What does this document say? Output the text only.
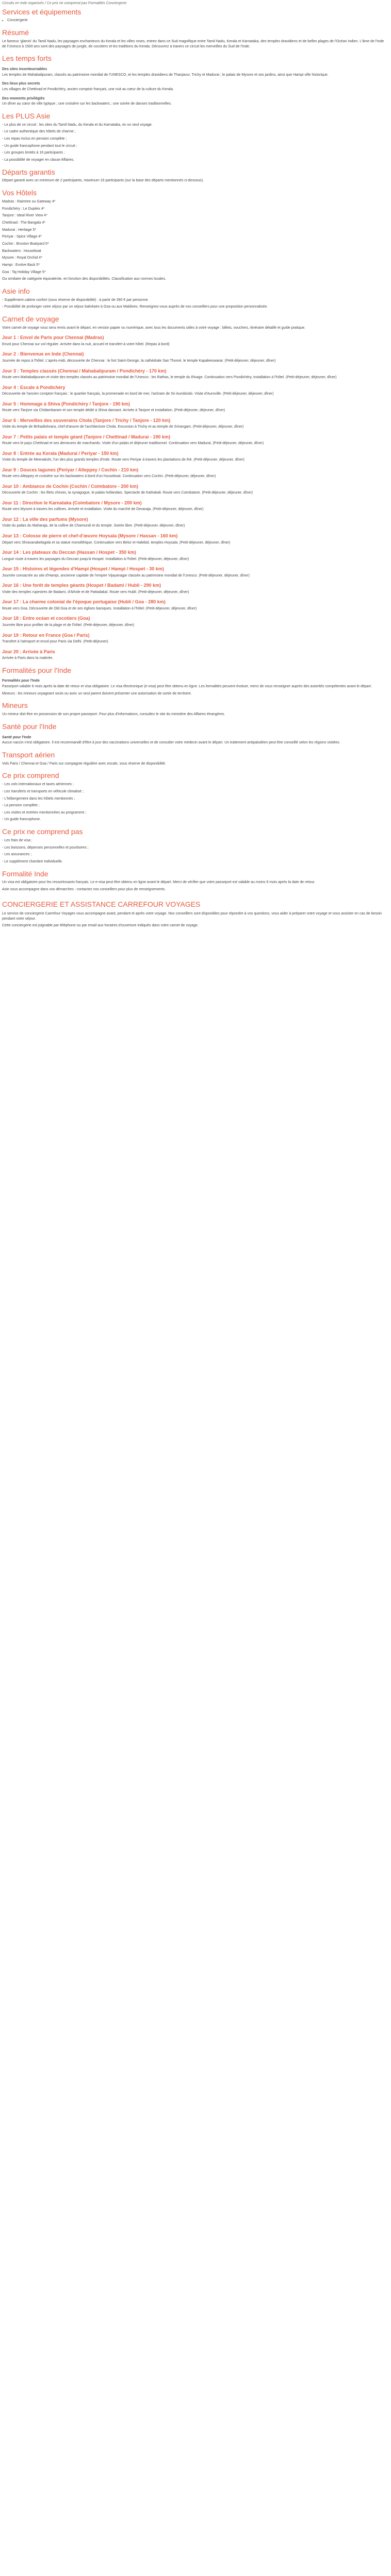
Circuits en Inde organisés / Ce prix ne comprend pas Formalités Conciergerie

Services et équipements
• Conciergerie
Résumé

Le fameux 'glamis' du Tamil Nadu, les paysages enchanteurs du Kerala et les villes roses, entrez dans ce Sud magnifique entre Tamil Nadu, Kerala et Karnataka, des temples dravidiens et de belles plages de l'Océan Indien. L'âme de l'Inde de l'Unesco à 1500 ans sont des paysages de jungle, de cocotiers et les traditions du Kerala. Découvrez à travers ce circuit les merveilles du Sud de l'Inde.

Les temps forts
Des sites incontournables

Les temples de Mahabalipuram, classés au patrimoine mondial de l'UNESCO, et les temples dravidiens de Thanjavur, Trichy et Madurai ; le palais de Mysore et ses jardins, ainsi que Hampi ville historique.

Des lieux plus secrets

Les villages de Chettinad et Pondichéry, ancien comptoir français, une nuit au cœur de la culture du Kerala.

Des moments privilégiés

Un dîner au cœur de ville typique ; une croisière sur les backwaters ; une soirée de danses traditionnelles.

Les PLUS Asie

- Le plus de ce circuit : les sites du Tamil Nadu, du Kerala et du Karnataka, en un seul voyage.

- Le cadre authentique des hôtels de charme ;

- Les repas inclus en pension complète ;

- Un guide francophone pendant tout le circuit ;

- Les groupes limités à 16 participants ;

- La possibilité de voyager en classe Affaires.

Départs garantis

Départ garanti avec un minimum de 2 participants, maximum 16 participants (sur la base des départs mentionnés ci-dessous).

Vos Hôtels

Madras : Raintree ou Gateway 4*

Pondichéry : Le Dupleix 4*

Tanjore : Ideal River View 4*

Chettinad : The Bangala 4*

Madurai : Heritage 5*

Periyar : Spice Village 4*

Cochin : Brunton Boatyard 5*

Backwaters : Houseboat

Mysore : Royal Orchid 4*

Hampi : Evolve Back 5*

Goa : Taj Holiday Village 5*

Ou similaire de catégorie équivalente, en fonction des disponibilités. Classification aux normes locales.

Asie info

- Supplément cabine confort (sous réserve de disponibilité) : à partir de 390 € par personne.

- Possibilité de prolonger votre séjour par un séjour balnéaire à Goa ou aux Maldives. Renseignez-vous auprès de nos conseillers pour une proposition personnalisée.

Carnet de voyage

Votre carnet de voyage vous sera remis avant le départ, en version papier ou numérique, avec tous les documents utiles à votre voyage : billets, vouchers, itinéraire détaillé et guide pratique.

Jour 1 : Envol de Paris pour Chennai (Madras)

Envol pour Chennai sur vol régulier. Arrivée dans la nuit, accueil et transfert à votre hôtel. (Repas à bord)

Jour 2 : Bienvenue en Inde (Chennai)

Journée de repos à l'hôtel. L'après-midi, découverte de Chennai : le fort Saint-George, la cathédrale San Thomé, le temple Kapaleeswarar. (Petit-déjeuner, déjeuner, dîner)

Jour 3 : Temples classés (Chennai / Mahabalipuram / Pondichéry - 170 km)

Route vers Mahabalipuram et visite des temples classés au patrimoine mondial de l'Unesco : les Rathas, le temple du Rivage. Continuation vers Pondichéry, installation à l'hôtel. (Petit-déjeuner, déjeuner, dîner)

Jour 4 : Escale à Pondichéry

Découverte de l'ancien comptoir français : le quartier français, la promenade en bord de mer, l'ashram de Sri Aurobindo. Visite d'Auroville. (Petit-déjeuner, déjeuner, dîner)

Jour 5 : Hommage à Shiva (Pondichéry / Tanjore - 190 km)

Route vers Tanjore via Chidambaram et son temple dédié à Shiva dansant. Arrivée à Tanjore et installation. (Petit-déjeuner, déjeuner, dîner)

Jour 6 : Merveilles des souverains Chola (Tanjore / Trichy / Tanjore - 120 km)

Visite du temple de Brihadishvara, chef-d'œuvre de l'architecture Chola. Excursion à Trichy et au temple de Srirangam. (Petit-déjeuner, déjeuner, dîner)

Jour 7 : Petits palais et temple géant (Tanjore / Chettinad / Madurai - 190 km)

Route vers le pays Chettinad et ses demeures de marchands. Visite d'un palais et déjeuner traditionnel. Continuation vers Madurai. (Petit-déjeuner, déjeuner, dîner)

Jour 8 : Entrée au Kerala (Madurai / Periyar - 150 km)

Visite du temple de Meenakshi, l'un des plus grands temples d'Inde. Route vers Periyar à travers les plantations de thé. (Petit-déjeuner, déjeuner, dîner)

Jour 9 : Douces lagunes (Periyar / Alleppey / Cochin - 210 km)

Route vers Alleppey et croisière sur les backwaters à bord d'un houseboat. Continuation vers Cochin. (Petit-déjeuner, déjeuner, dîner)

Jour 10 : Ambiance de Cochin (Cochin / Coimbatore - 200 km)

Découverte de Cochin : les filets chinois, la synagogue, le palais hollandais. Spectacle de Kathakali. Route vers Coimbatore. (Petit-déjeuner, déjeuner, dîner)

Jour 11 : Direction le Karnataka (Coimbatore / Mysore - 200 km)

Route vers Mysore à travers les collines. Arrivée et installation. Visite du marché de Devaraja. (Petit-déjeuner, déjeuner, dîner)

Jour 12 : La ville des parfums (Mysore)

Visite du palais du Maharaja, de la colline de Chamundi et du temple. Soirée libre. (Petit-déjeuner, déjeuner, dîner)

Jour 13 : Colosse de pierre et chef-d'œuvre Hoysala (Mysore / Hassan - 160 km)

Départ vers Shravanabelagola et sa statue monolithique. Continuation vers Belur et Halebid, temples Hoysala. (Petit-déjeuner, déjeuner, dîner)

Jour 14 : Les plateaux du Deccan (Hassan / Hospet - 350 km)

Longue route à travers les paysages du Deccan jusqu'à Hospet. Installation à l'hôtel. (Petit-déjeuner, déjeuner, dîner)

Jour 15 : Histoires et légendes d'Hampi (Hospet / Hampi / Hospet - 30 km)

Journée consacrée au site d'Hampi, ancienne capitale de l'empire Vijayanagar classée au patrimoine mondial de l'Unesco. (Petit-déjeuner, déjeuner, dîner)

Jour 16 : Une forêt de temples géants (Hospet / Badami / Hubli - 290 km)

Visite des temples rupestres de Badami, d'Aihole et de Pattadakal. Route vers Hubli. (Petit-déjeuner, déjeuner, dîner)

Jour 17 : La charme colonial de l'époque portugaise (Hubli / Goa - 280 km)

Route vers Goa. Découverte de Old Goa et de ses églises baroques. Installation à l'hôtel. (Petit-déjeuner, déjeuner, dîner)

Jour 18 : Entre océan et cocotiers (Goa)

Journée libre pour profiter de la plage et de l'hôtel. (Petit-déjeuner, déjeuner, dîner)

Jour 19 : Retour en France (Goa / Paris)

Transfert à l'aéroport et envol pour Paris via Delhi. (Petit-déjeuner)

Jour 20 : Arrivée à Paris

Arrivée à Paris dans la matinée.

Formalités pour l'Inde
Formalités pour l'Inde

Passeport valable 6 mois après la date de retour et visa obligatoire. Le visa électronique (e-visa) peut être obtenu en ligne. Les formalités peuvent évoluer, merci de vous renseigner auprès des autorités compétentes avant le départ.

Mineurs : les mineurs voyageant seuls ou avec un seul parent doivent présenter une autorisation de sortie de territoire.

Mineurs

Un mineur doit être en possession de son propre passeport. Pour plus d'informations, consultez le site du ministère des Affaires étrangères.

Santé pour l'Inde
Santé pour l'Inde

Aucun vaccin n'est obligatoire. Il est recommandé d'être à jour des vaccinations universelles et de consulter votre médecin avant le départ. Un traitement antipaludéen peut être conseillé selon les régions visitées.

Transport aérien

Vols Paris / Chennai et Goa / Paris sur compagnie régulière avec escale, sous réserve de disponibilité.

Ce prix comprend

- Les vols internationaux et taxes aériennes ;

- Les transferts et transports en véhicule climatisé ;

- L'hébergement dans les hôtels mentionnés ;

- La pension complète ;

- Les visites et entrées mentionnées au programme ;

- Un guide francophone.

Ce prix ne comprend pas

- Les frais de visa ;

- Les boissons, dépenses personnelles et pourboires ;

- Les assurances ;

- Le supplément chambre individuelle.

Formalité Inde

Un visa est obligatoire pour les ressortissants français. Le e-visa peut être obtenu en ligne avant le départ. Merci de vérifier que votre passeport est valable au moins 6 mois après la date de retour.

Asie vous accompagne dans vos démarches : contactez nos conseillers pour plus de renseignements.

CONCIERGERIE ET ASSISTANCE CARREFOUR VOYAGES

Le service de conciergerie Carrefour Voyages vous accompagne avant, pendant et après votre voyage. Nos conseillers sont disponibles pour répondre à vos questions, vous aider à préparer votre voyage et vous assister en cas de besoin pendant votre séjour.

Cette conciergerie est joignable par téléphone ou par email aux horaires d'ouverture indiqués dans votre carnet de voyage.
